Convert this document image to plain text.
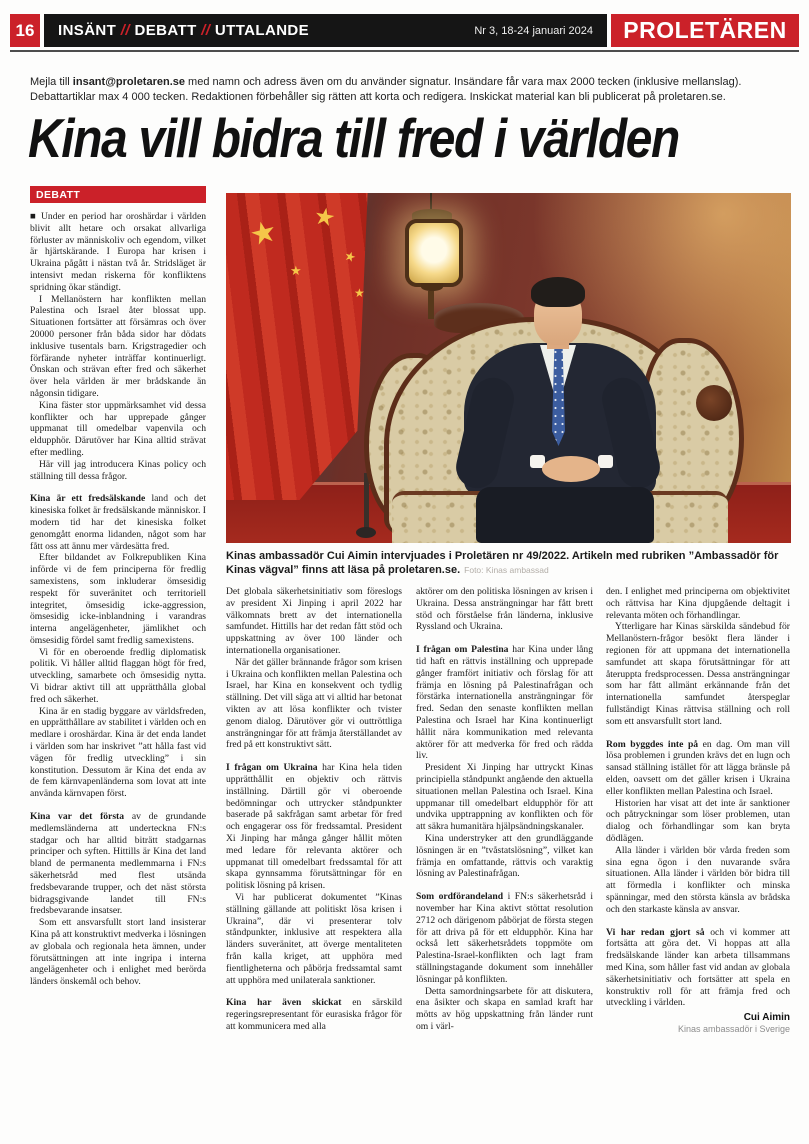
16	INSÄNT // DEBATT // UTTALANDE	Nr 3, 18-24 januari 2024	PROLETÄREN
Mejla till insant@proletaren.se med namn och adress även om du använder signatur. Insändare får vara max 2000 tecken (inklusive mellanslag). Debattartiklar max 4 000 tecken. Redaktionen förbehåller sig rätten att korta och redigera. Inskickat material kan bli publicerat på proletaren.se.
Kina vill bidra till fred i världen
DEBATT
★ ★
★
★
★
Kinas ambassadör Cui Aimin intervjuades i Proletären nr 49/2022. Artikeln med rubriken ”Ambassadör för Kinas vägval” finns att läsa på proletaren.se. Foto: Kinas ambassad

■ Under en period har oroshärdar i världen blivit allt hetare och orsakat allvarliga förluster av människoliv och egendom, vilket är hjärtskärande. I Europa har krisen i Ukraina pågått i nästan två år. Stridsläget är intensivt medan riskerna för konfliktens spridning ökar ständigt.

I Mellanöstern har konflikten mellan Palestina och Israel åter blossat upp. Situationen fortsätter att försämras och över 20000 personer från båda sidor har dödats inklusive tusentals barn. Krigstragedier och förfärande nyheter inträffar kontinuerligt. Önskan och strävan efter fred och säkerhet över hela världen är mer brådskande än någonsin tidigare.

Kina fäster stor uppmärksamhet vid dessa konflikter och har upprepade gånger uppmanat till omedelbar vapenvila och eldupphör. Därutöver har Kina alltid strävat efter medling.

Här vill jag introducera Kinas policy och ställning till dessa frågor.

Kina är ett fredsälskande land och det kinesiska folket är fredsälskande människor. I modern tid har det kinesiska folket genomgått enorma lidanden, något som har fått oss att ännu mer värdesätta fred.

Efter bildandet av Folkrepubliken Kina införde vi de fem principerna för fredlig samexistens, som inkluderar ömsesidig respekt för suveränitet och territoriell integritet, ömsesidig icke-aggression, ömsesidig icke-inblandning i varandras interna angelägenheter, jämlikhet och ömsesidig fördel samt fredlig samexistens.

Vi för en oberoende fredlig diplomatisk politik. Vi håller alltid flaggan högt för fred, utveckling, samarbete och ömsesidig nytta. Vi bidrar aktivt till att upprätthålla global fred och säkerhet.

Kina är en stadig byggare av världsfreden, en upprätthållare av stabilitet i världen och en medlare i oroshärdar. Kina är det enda landet i världen som har inskrivet ”att hålla fast vid vägen för fredlig utveckling” i sin konstitution. Dessutom är Kina det enda av de fem kärnvapenländerna som lovat att inte använda kärnvapen först.

Kina var det första av de grundande medlemsländerna att underteckna FN:s stadgar och har alltid biträtt stadgarnas principer och syften. Hittills är Kina det land bland de permanenta medlemmarna i FN:s säkerhetsråd med flest utsända fredsbevarande trupper, och det näst största bidragsgivande landet till FN:s fredsbevarande insatser.

Som ett ansvarsfullt stort land insisterar Kina på att konstruktivt medverka i lösningen av globala och regionala heta ämnen, under förutsättningen att inte ingripa i interna angelägenheter och i enlighet med berörda länders önskemål och behov.

Det globala säkerhetsinitiativ som föreslogs av president Xi Jinping i april 2022 har välkomnats brett av det internationella samfundet. Hittills har det redan fått stöd och uppskattning av över 100 länder och internationella organisationer.

När det gäller brännande frågor som krisen i Ukraina och konflikten mellan Palestina och Israel, har Kina en konsekvent och tydlig ställning. Det vill säga att vi alltid har betonat vikten av att lösa konflikter och tvister genom dialog. Därutöver gör vi outtröttliga ansträngningar för att främja återställandet av fred på ett konstruktivt sätt.

I frågan om Ukraina har Kina hela tiden upprätthållit en objektiv och rättvis inställning. Därtill gör vi oberoende bedömningar och uttrycker ståndpunkter baserade på sakfrågan samt arbetar för fred och engagerar oss för fredssamtal. President Xi Jinping har många gånger hållit möten med ledare för relevanta aktörer och uppmanat till omedelbart fredssamtal för att skapa gynnsamma förutsättningar för en politisk lösning på krisen.

Vi har publicerat dokumentet ”Kinas ställning gällande att politiskt lösa krisen i Ukraina”, där vi presenterar tolv ståndpunkter, inklusive att respektera alla länders suveränitet, att överge mentaliteten från kalla kriget, att upphöra med fientligheterna och påbörja fredssamtal samt att upphöra med unilaterala sanktioner.

Kina har även skickat en särskild regeringsrepresentant för eurasiska frågor för att kommunicera med alla

aktörer om den politiska lösningen av krisen i Ukraina. Dessa ansträngningar har fått brett stöd och förståelse från länderna, inklusive Ryssland och Ukraina.

I frågan om Palestina har Kina under lång tid haft en rättvis inställning och upprepade gånger framfört initiativ och förslag för att främja en lösning på Palestinafrågan och förstärka internationella ansträngningar för fred. Sedan den senaste konflikten mellan Palestina och Israel har Kina kontinuerligt hållit nära kommunikation med relevanta aktörer för att medverka för fred och rädda liv.

President Xi Jinping har uttryckt Kinas principiella ståndpunkt angående den aktuella situationen mellan Palestina och Israel. Kina uppmanar till omedelbart eldupphör för att undvika upptrappning av konflikten och för att säkra humanitära hjälpsändningskanaler.

Kina understryker att den grundläggande lösningen är en ”tvåstatslösning”, vilket kan främja en omfattande, rättvis och varaktig lösning av Palestinafrågan.

Som ordförandeland i FN:s säkerhetsråd i november har Kina aktivt stöttat resolution 2712 och därigenom påbörjat de första stegen för att driva på för ett eldupphör. Kina har också lett säkerhetsrådets toppmöte om Palestina-Israel-konflikten och lagt fram ställningstagande dokument som innehåller lösningar på konflikten.

Detta samordningsarbete för att diskutera, ena åsikter och skapa en samlad kraft har mötts av hög uppskattning från länder runt om i värl-

den. I enlighet med principerna om objektivitet och rättvisa har Kina djupgående deltagit i relevanta möten och förhandlingar.

Ytterligare har Kinas särskilda sändebud för Mellanöstern-frågor besökt flera länder i regionen för att uppmana det internationella samfundet att skapa förutsättningar för att återuppta fredsprocessen. Dessa ansträngningar som har fått allmänt erkännande från det internationella samfundet återspeglar fullständigt Kinas rättvisa ställning och roll som ett ansvarsfullt stort land.

Rom byggdes inte på en dag. Om man vill lösa problemen i grunden krävs det en lugn och sansad ställning istället för att lägga bränsle på elden, oavsett om det gäller krisen i Ukraina eller konflikten mellan Palestina och Israel.

Historien har visat att det inte är sanktioner och påtryckningar som löser problemen, utan dialog och förhandlingar som kan bryta dödlägen.

Alla länder i världen bör vårda freden som sina egna ögon i den nuvarande svåra situationen. Alla länder i världen bör bidra till att förmedla i konflikter och minska spänningar, med den största känsla av brådska och den starkaste känsla av ansvar.

Vi har redan gjort så och vi kommer att fortsätta att göra det. Vi hoppas att alla fredsälskande länder kan arbeta tillsammans med Kina, som håller fast vid andan av globala säkerhetsinitiativ och fortsätter att spela en konstruktiv roll för att främja fred och utveckling i världen.

Cui Aimin
Kinas ambassadör i Sverige
